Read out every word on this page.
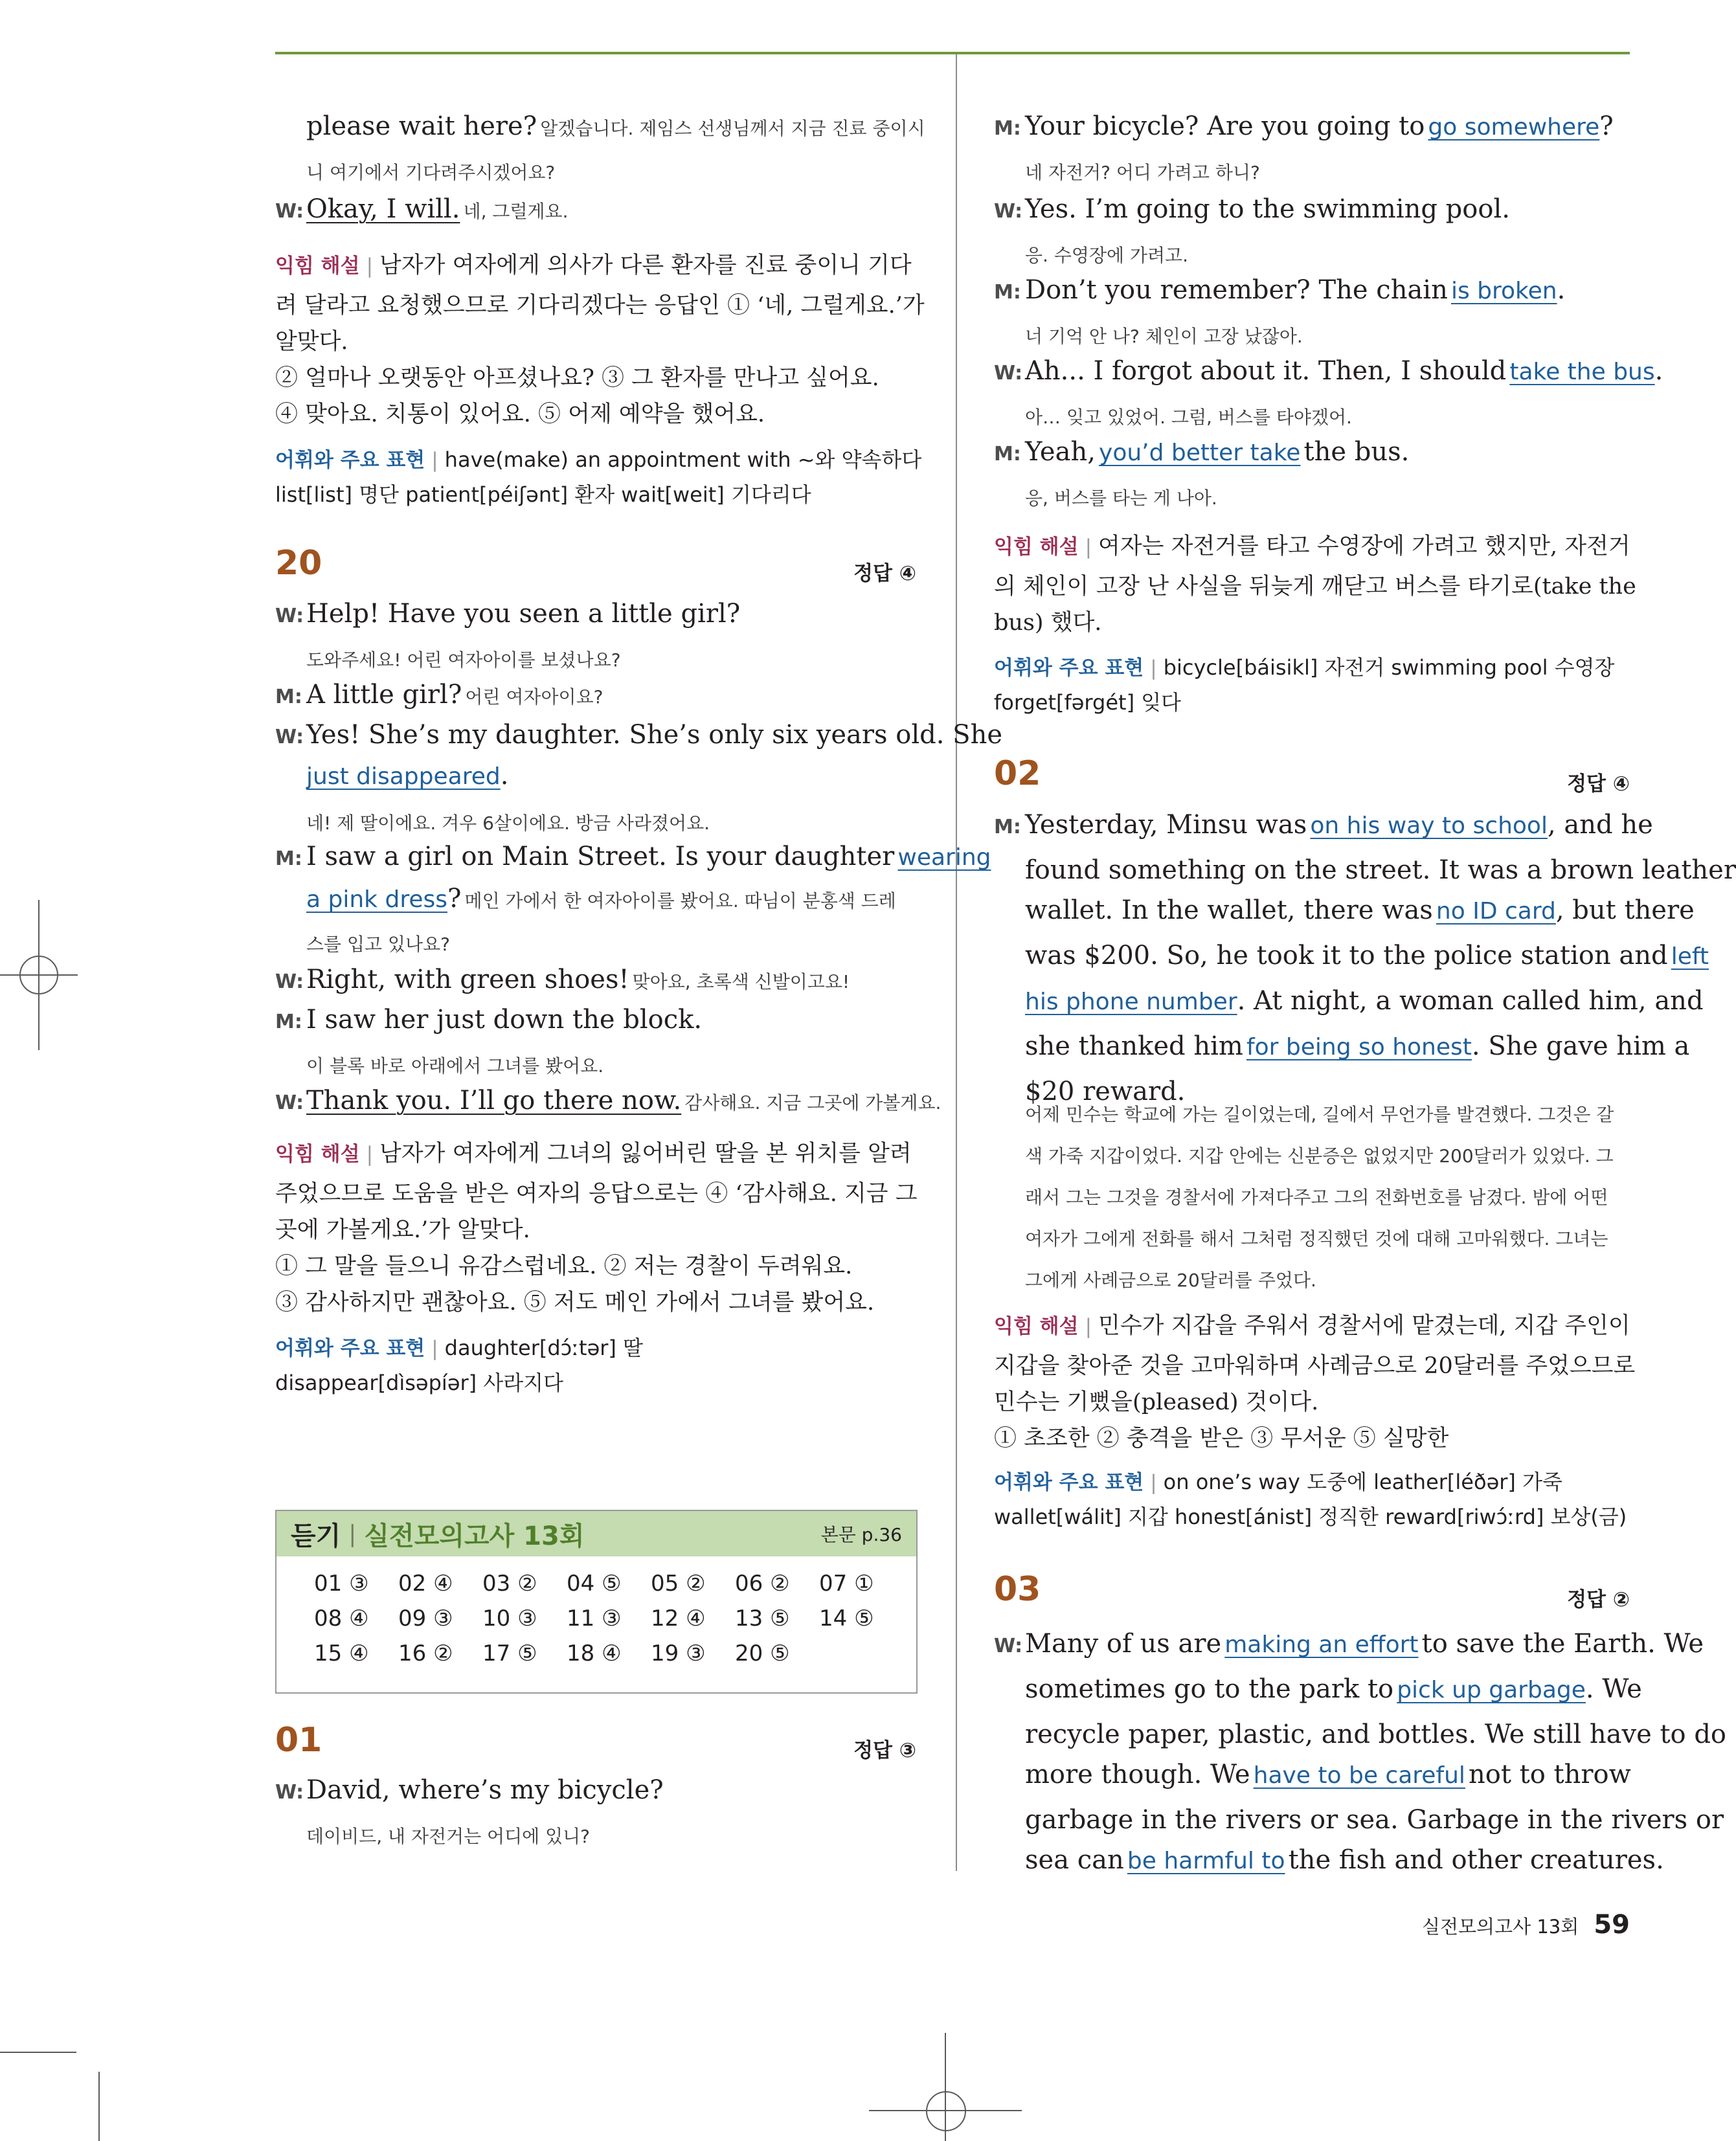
please wait here? 알겠습니다. 제임스 선생님께서 지금 진료 중이시
니 여기에서 기다려주시겠어요?
W:Okay, I will. 네, 그럴게요.
익힘 해설 | 남자가 여자에게 의사가 다른 환자를 진료 중이니 기다
려 달라고 요청했으므로 기다리겠다는 응답인 ① ‘네, 그럴게요.’가
알맞다.
② 얼마나 오랫동안 아프셨나요? ③ 그 환자를 만나고 싶어요.
④ 맞아요. 치통이 있어요. ⑤ 어제 예약을 했어요.
어휘와 주요 표현 | have(make) an appointment with ~와 약속하다
list[list] 명단 patient[péiʃənt] 환자 wait[weit] 기다리다
20	정답 ④
W:Help! Have you seen a little girl?
도와주세요! 어린 여자아이를 보셨나요?
M: A little girl? 어린 여자아이요?
W:Yes! She’s my daughter. She’s only six years old. She
just disappeared.
네! 제 딸이에요. 겨우 6살이에요. 방금 사라졌어요.
M: I saw a girl on Main Street. Is your daughter wearing
a pink dress? 메인 가에서 한 여자아이를 봤어요. 따님이 분홍색 드레
스를 입고 있나요?
W:Right, with green shoes! 맞아요, 초록색 신발이고요!
M: I saw her just down the block.
이 블록 바로 아래에서 그녀를 봤어요.
W:Thank you. I’ll go there now. 감사해요. 지금 그곳에 가볼게요.
익힘 해설 | 남자가 여자에게 그녀의 잃어버린 딸을 본 위치를 알려
주었으므로 도움을 받은 여자의 응답으로는 ④ ‘감사해요. 지금 그
곳에 가볼게요.’가 알맞다.
① 그 말을 들으니 유감스럽네요. ② 저는 경찰이 두려워요.
③ 감사하지만 괜찮아요. ⑤ 저도 메인 가에서 그녀를 봤어요.
어휘와 주요 표현 | daughter[dɔ́ːtər] 딸
disappear[dìsəpíər] 사라지다
01	정답 ③
W:David, where’s my bicycle?
데이비드, 내 자전거는 어디에 있니?
듣기 | 실전모의고사 13회	본문 p.36
01 ③	02 ④	03 ②	04 ⑤	05 ②	06 ②	07 ①
08 ④	09 ③	10 ③	11 ③	12 ④	13 ⑤	14 ⑤
15 ④	16 ②	17 ⑤	18 ④	19 ③	20 ⑤
M: Your bicycle? Are you going to go somewhere?
네 자전거? 어디 가려고 하니?
W:Yes. I’m going to the swimming pool.
응. 수영장에 가려고.
M: Don’t you remember? The chain is broken.
너 기억 안 나? 체인이 고장 났잖아.
W:Ah... I forgot about it. Then, I should take the bus.
아… 잊고 있었어. 그럼, 버스를 타야겠어.
M: Yeah, you’d better take the bus.
응, 버스를 타는 게 나아.
익힘 해설 | 여자는 자전거를 타고 수영장에 가려고 했지만, 자전거
의 체인이 고장 난 사실을 뒤늦게 깨닫고 버스를 타기로(take the
bus) 했다.
어휘와 주요 표현 | bicycle[báisikl] 자전거 swimming pool 수영장
forget[fərgét] 잊다
02	정답 ④
M: Yesterday, Minsu was on his way to school, and he
found something on the street. It was a brown leather
wallet. In the wallet, there was no ID card, but there
was $200. So, he took it to the police station and left
his phone number. At night, a woman called him, and
she thanked him for being so honest. She gave him a
$20 reward.
어제 민수는 학교에 가는 길이었는데, 길에서 무언가를 발견했다. 그것은 갈
색 가죽 지갑이었다. 지갑 안에는 신분증은 없었지만 200달러가 있었다. 그
래서 그는 그것을 경찰서에 가져다주고 그의 전화번호를 남겼다. 밤에 어떤
여자가 그에게 전화를 해서 그처럼 정직했던 것에 대해 고마워했다. 그녀는
그에게 사례금으로 20달러를 주었다.
익힘 해설 | 민수가 지갑을 주워서 경찰서에 맡겼는데, 지갑 주인이
지갑을 찾아준 것을 고마워하며 사례금으로 20달러를 주었으므로
민수는 기뻤을(pleased) 것이다.
① 초조한 ② 충격을 받은 ③ 무서운 ⑤ 실망한
어휘와 주요 표현 | on one’s way 도중에 leather[léðər] 가죽
wallet[wálit] 지갑 honest[ánist] 정직한 reward[riwɔ́ːrd] 보상(금)
03	정답 ②
W:Many of us are making an effort to save the Earth. We
sometimes go to the park to pick up garbage. We
recycle paper, plastic, and bottles. We still have to do
more though. We have to be careful not to throw
garbage in the rivers or sea. Garbage in the rivers or
sea can be harmful to the fish and other creatures.
실전모의고사 13회 59
